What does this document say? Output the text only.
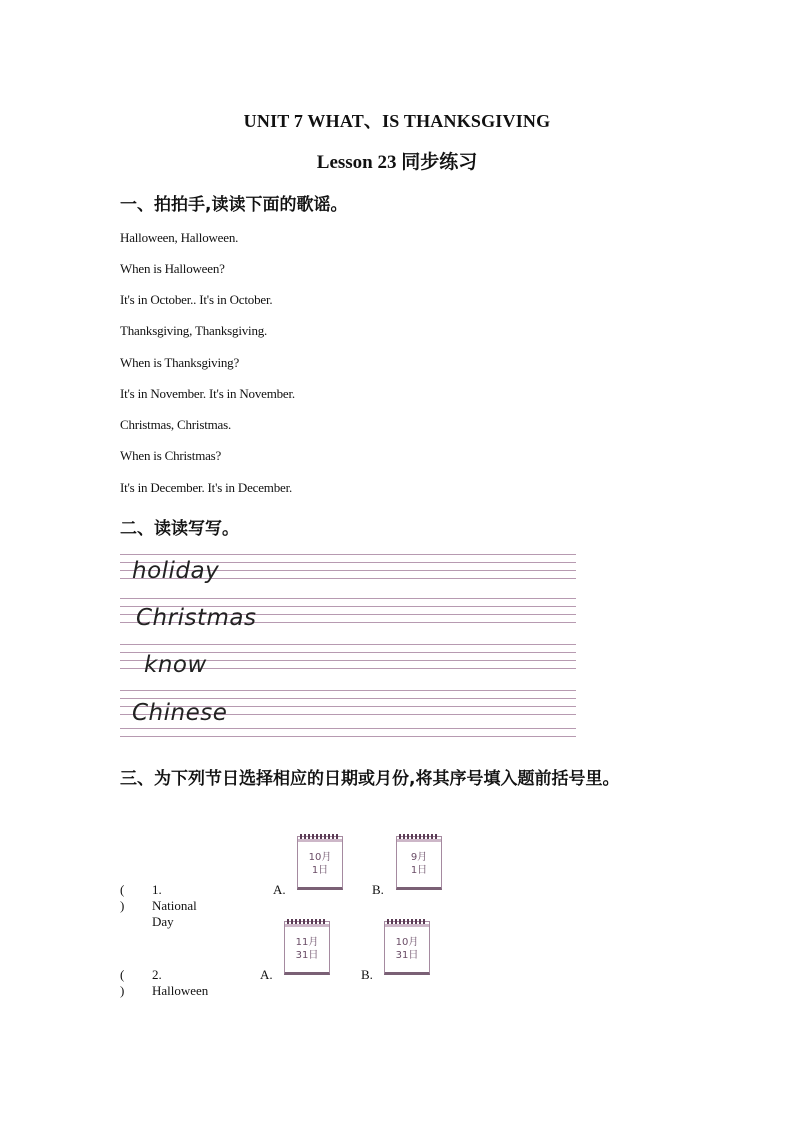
UNIT 7 WHAT、IS THANKSGIVING
Lesson 23 同步练习
一、拍拍手,读读下面的歌谣。
Halloween, Halloween.
When is Halloween?
It's in October.. It's in October.
Thanksgiving, Thanksgiving.
When is Thanksgiving?
It's in November. It's in November.
Christmas, Christmas.
When is Christmas?
It's in December. It's in December.
二、读读写写。
holiday
Christmas
know
Chinese
三、为下列节日选择相应的日期或月份,将其序号填入题前括号里。
( )
1. National Day
A.
10月
1日
B.
9月
1日
( )
2. Halloween
A.
11月
31日
B.
10月
31日
